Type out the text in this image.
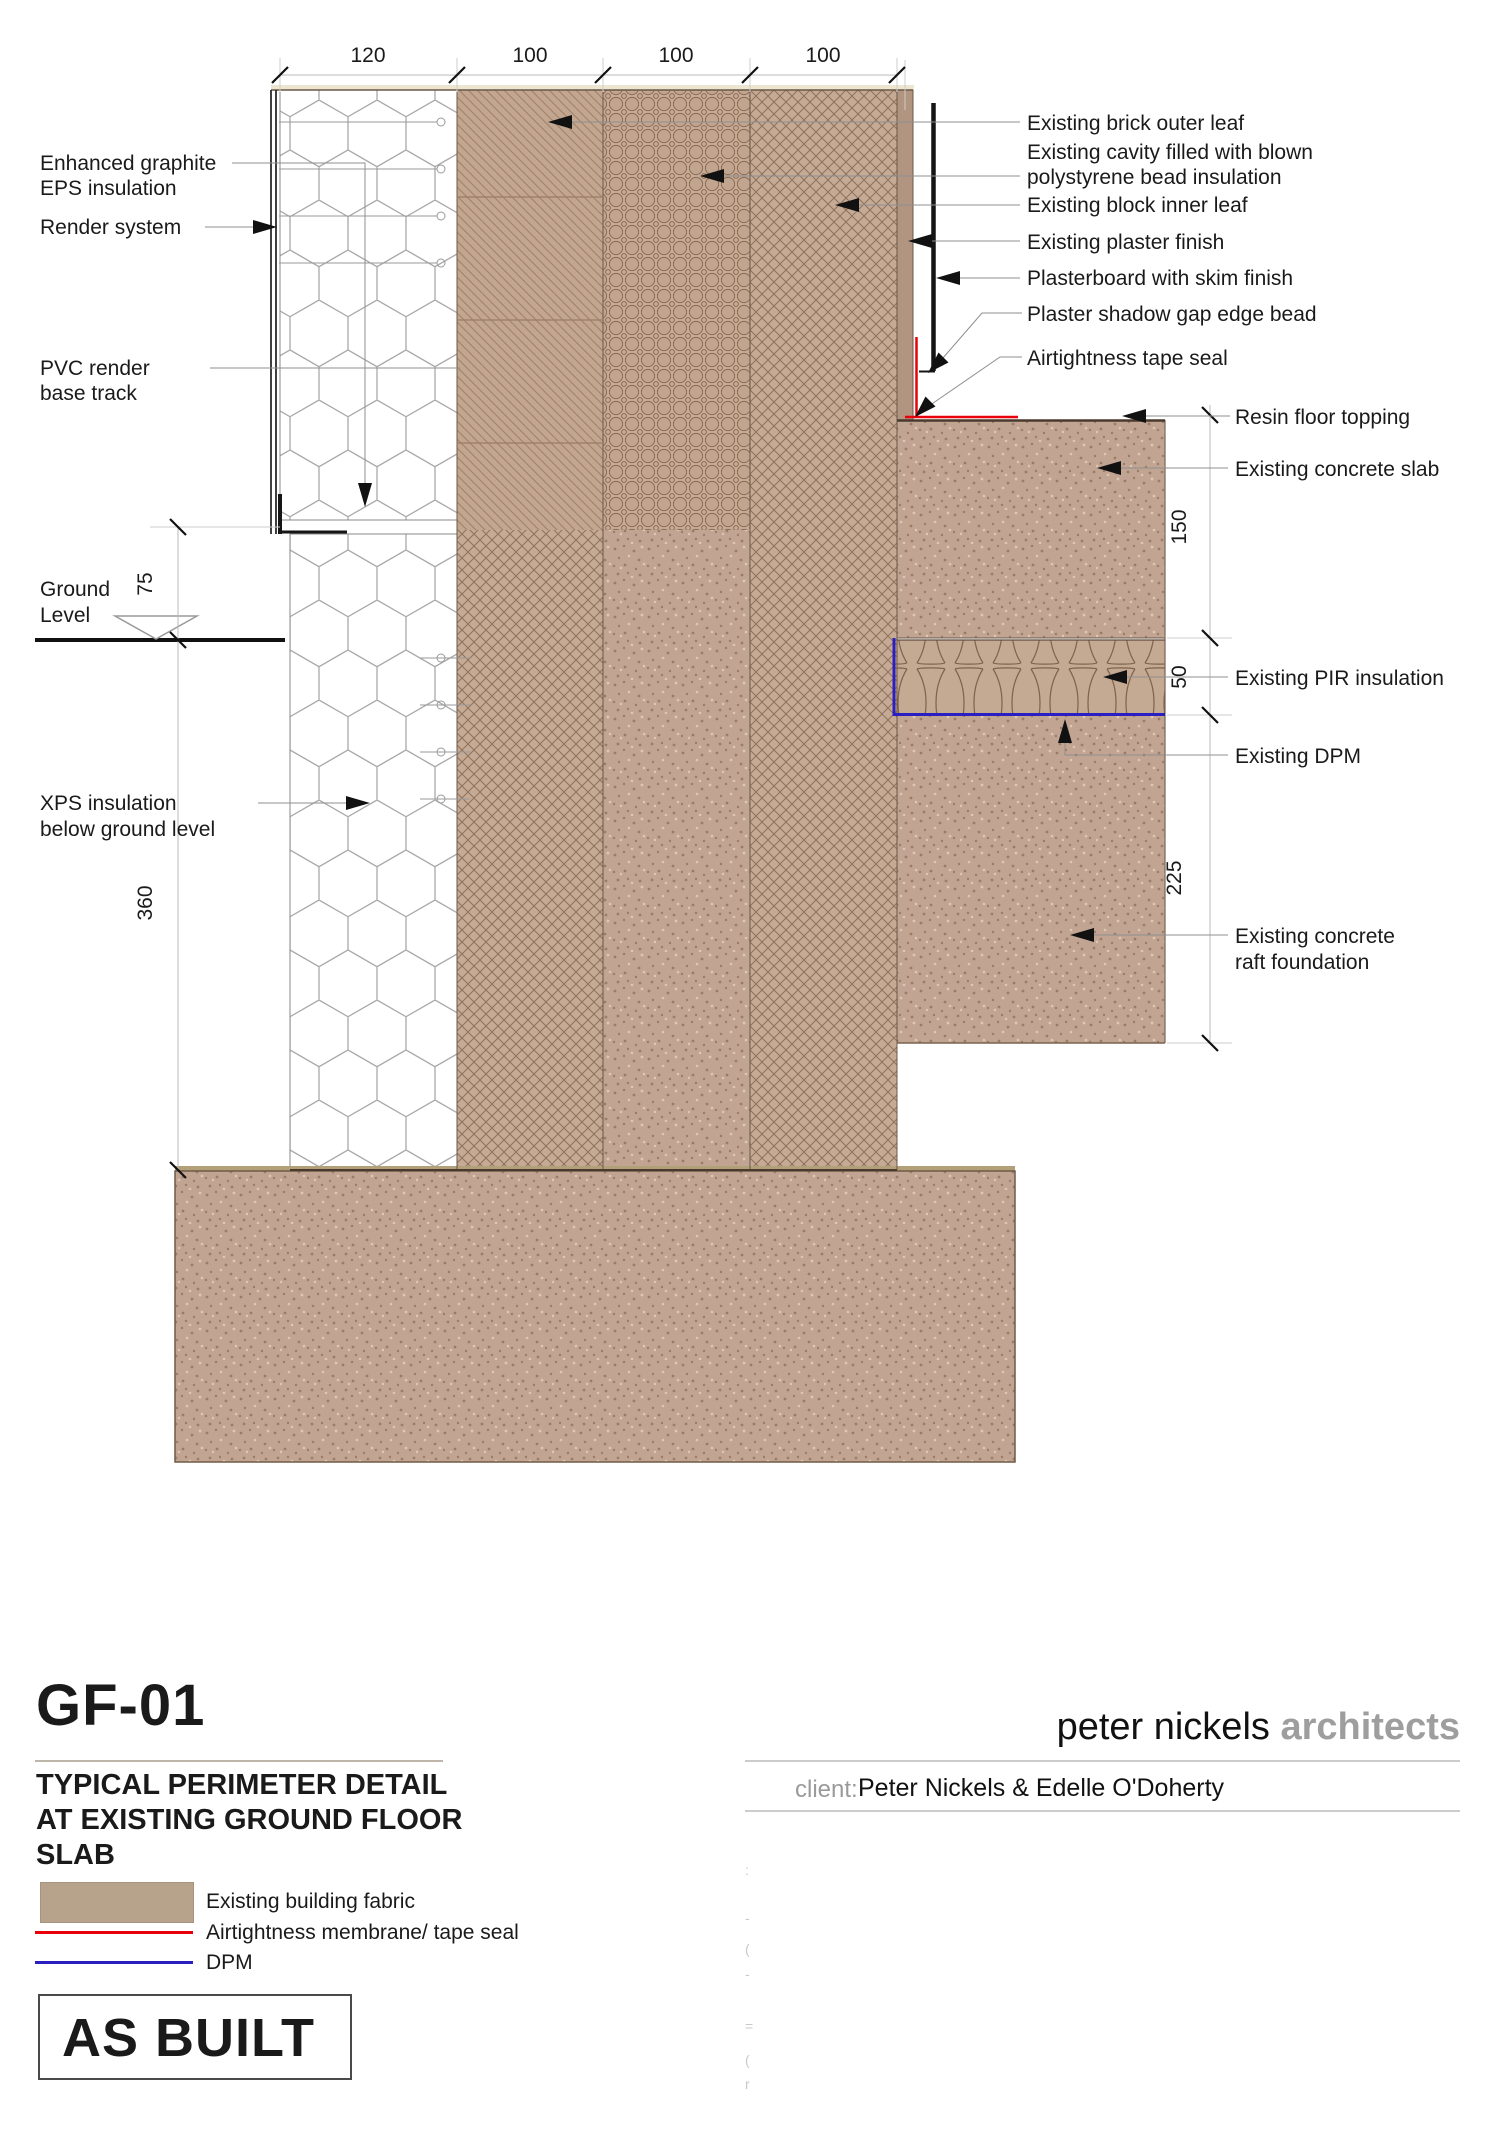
120	100	100	100
75
360
150
50
225
Enhanced graphite
EPS insulation
Render system
PVC render
base track
Ground
Level
XPS insulation
below ground level
Existing brick outer leaf
Existing cavity filled with blown
polystyrene bead insulation
Existing block inner leaf
Existing plaster finish
Plasterboard with skim finish
Plaster shadow gap edge bead
Airtightness tape seal
Resin floor topping
Existing concrete slab
Existing PIR insulation
Existing DPM
Existing concrete
raft foundation
GF-01
TYPICAL PERIMETER DETAIL
AT EXISTING GROUND FLOOR
SLAB
Existing building fabric
Airtightness membrane/ tape seal
DPM
AS BUILT
peter nickels architects
client: Peter Nickels & Edelle O'Doherty
:
-
(
-
=
(
r
